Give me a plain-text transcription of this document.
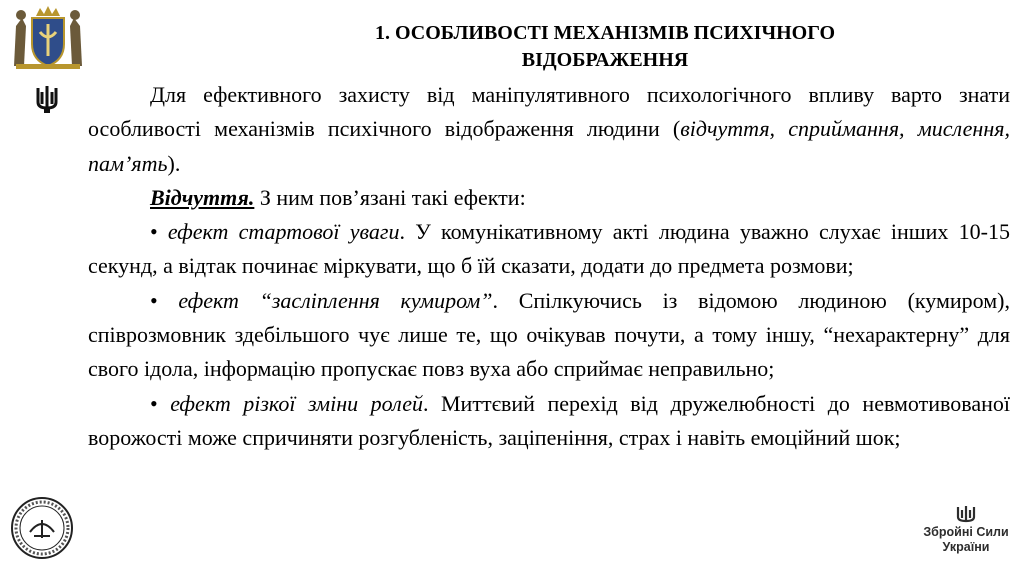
1. ОСОБЛИВОСТІ МЕХАНІЗМІВ ПСИХІЧНОГО
ВІДОБРАЖЕННЯ

Для ефективного захисту від маніпулятивного психологічного впливу варто знати особливості механізмів психічного відображення людини (відчуття, сприймання, мислення, пам’ять).

Відчуття. З ним пов’язані такі ефекти:

• ефект стартової уваги. У комунікативному акті людина уважно слухає інших 10-15 секунд, а відтак починає міркувати, що б їй сказати, додати до предмета розмови;

• ефект “засліплення кумиром”. Спілкуючись із відомою людиною (кумиром), співрозмовник здебільшого чує лише те, що очікував почути, а тому іншу, “нехарактерну” для свого ідола, інформацію пропускає повз вуха або сприймає неправильно;

• ефект різкої зміни ролей. Миттєвий перехід від дружелюбності до невмотивованої ворожості може спричиняти розгубленість, заціпеніння, страх і навіть емоційний шок;

Збройні Сили
України
